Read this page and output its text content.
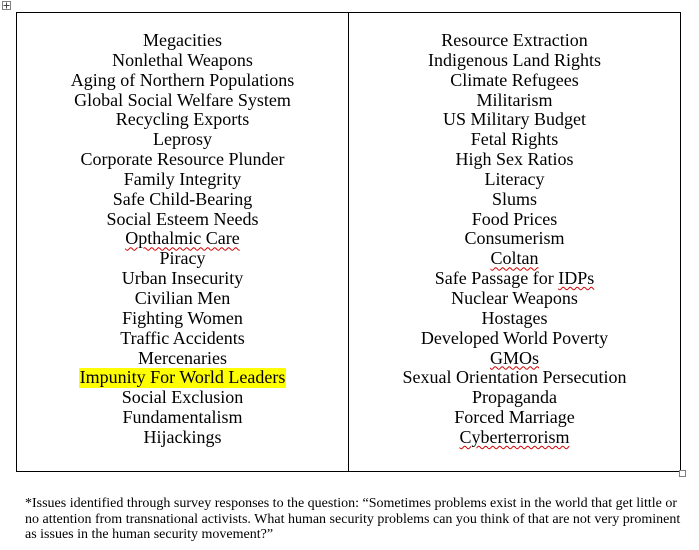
Megacities
Nonlethal Weapons
Aging of Northern Populations
Global Social Welfare System
Recycling Exports
Leprosy
Corporate Resource Plunder
Family Integrity
Safe Child-Bearing
Social Esteem Needs
Opthalmic Care
Piracy
Urban Insecurity
Civilian Men
Fighting Women
Traffic Accidents
Mercenaries
Impunity For World Leaders
Social Exclusion
Fundamentalism
Hijackings
Resource Extraction
Indigenous Land Rights
Climate Refugees
Militarism
US Military Budget
Fetal Rights
High Sex Ratios
Literacy
Slums
Food Prices
Consumerism
Coltan
Safe Passage for IDPs
Nuclear Weapons
Hostages
Developed World Poverty
GMOs
Sexual Orientation Persecution
Propaganda
Forced Marriage
Cyberterrorism
*Issues identified through survey responses to the question: “Sometimes problems exist in the world that get little or no attention from transnational activists. What human security problems can you think of that are not very prominent as issues in the human security movement?”
